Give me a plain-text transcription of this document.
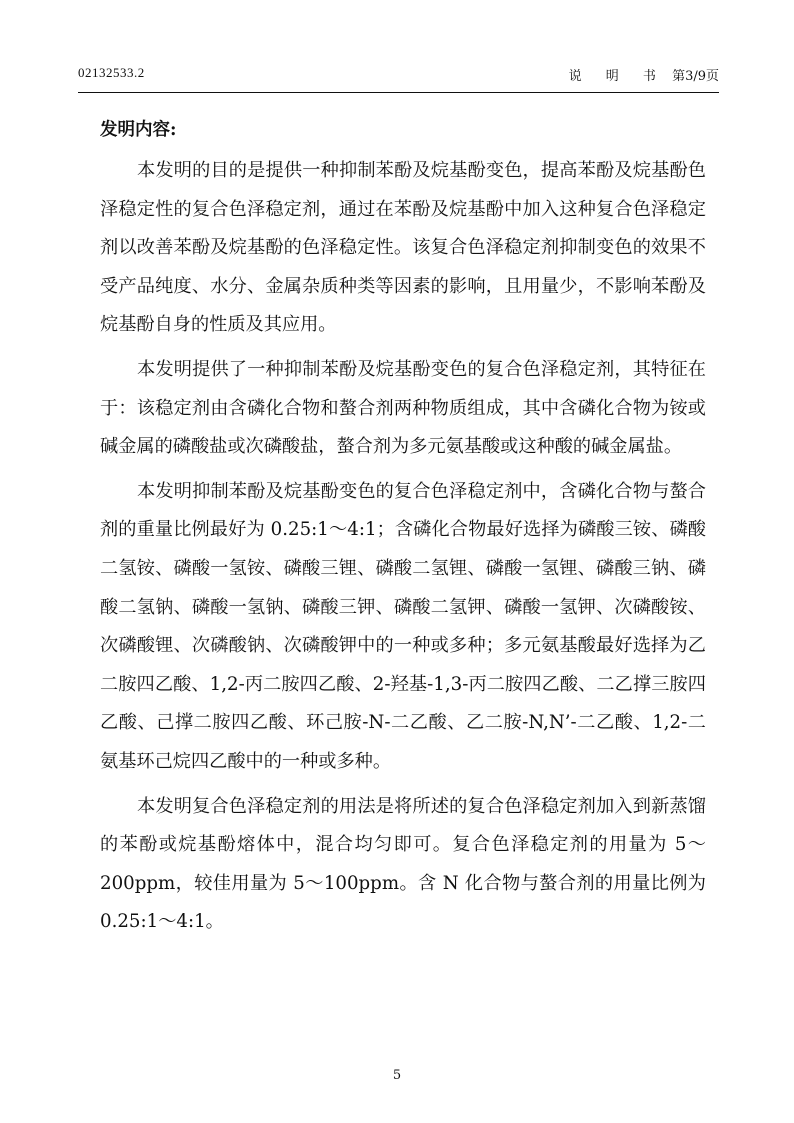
02132533.2	说 明 书 第3/9页

发明内容:

本发明的目的是提供一种抑制苯酚及烷基酚变色，提高苯酚及烷基酚色泽稳定性的复合色泽稳定剂，通过在苯酚及烷基酚中加入这种复合色泽稳定剂以改善苯酚及烷基酚的色泽稳定性。该复合色泽稳定剂抑制变色的效果不受产品纯度、水分、金属杂质种类等因素的影响，且用量少，不影响苯酚及烷基酚自身的性质及其应用。

本发明提供了一种抑制苯酚及烷基酚变色的复合色泽稳定剂，其特征在于：该稳定剂由含磷化合物和螯合剂两种物质组成，其中含磷化合物为铵或碱金属的磷酸盐或次磷酸盐，螯合剂为多元氨基酸或这种酸的碱金属盐。

本发明抑制苯酚及烷基酚变色的复合色泽稳定剂中，含磷化合物与螯合剂的重量比例最好为 0.25:1～4:1；含磷化合物最好选择为磷酸三铵、磷酸二氢铵、磷酸一氢铵、磷酸三锂、磷酸二氢锂、磷酸一氢锂、磷酸三钠、磷酸二氢钠、磷酸一氢钠、磷酸三钾、磷酸二氢钾、磷酸一氢钾、次磷酸铵、次磷酸锂、次磷酸钠、次磷酸钾中的一种或多种；多元氨基酸最好选择为乙二胺四乙酸、1,2-丙二胺四乙酸、2-羟基-1,3-丙二胺四乙酸、二乙撑三胺四乙酸、己撑二胺四乙酸、环己胺-N-二乙酸、乙二胺-N,N’-二乙酸、1,2-二氨基环己烷四乙酸中的一种或多种。

本发明复合色泽稳定剂的用法是将所述的复合色泽稳定剂加入到新蒸馏的苯酚或烷基酚熔体中，混合均匀即可。复合色泽稳定剂的用量为 5～200ppm，较佳用量为 5～100ppm。含 N 化合物与螯合剂的用量比例为 0.25:1～4:1。

5
